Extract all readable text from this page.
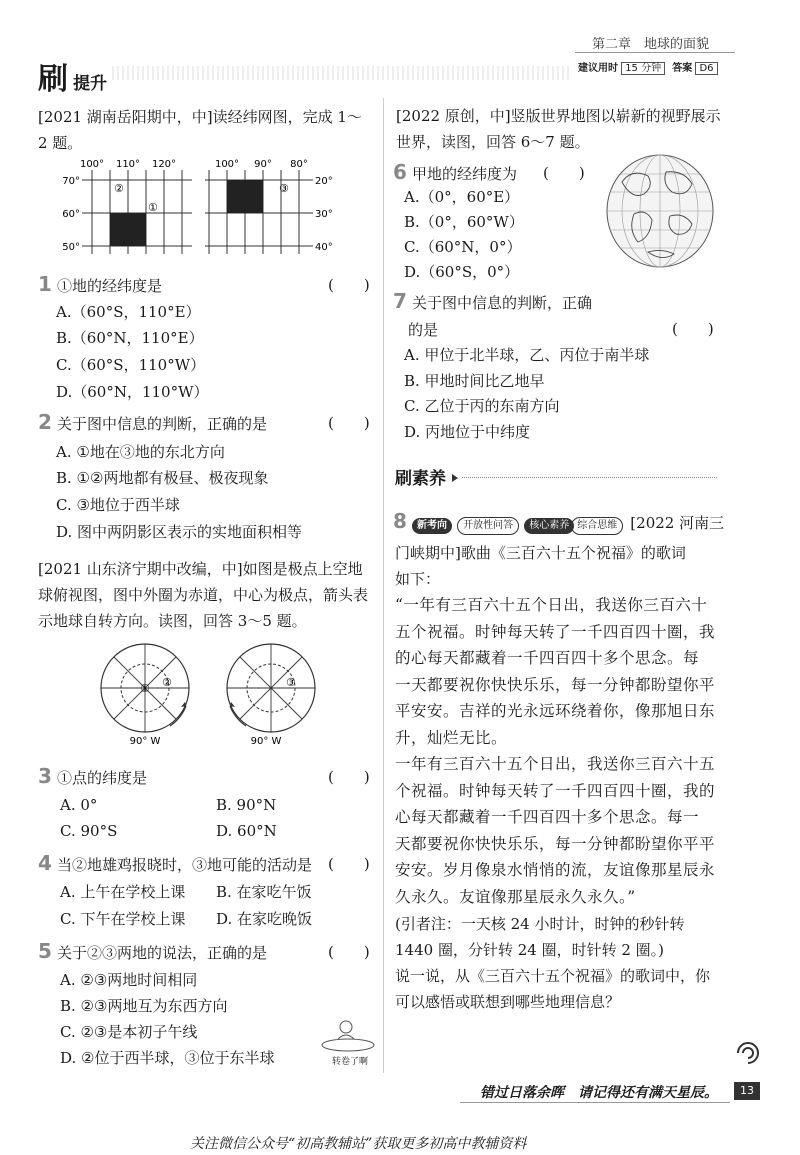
刷 提升
第二章　地球的面貌
建议用时 15 分钟 答案 D6
[2021 湖南岳阳期中，中]读经纬网图，完成 1～
2 题。
100° 110° 120°
70°
60°
50°
②
①
100° 90° 80°
20°
30°
40°
③
1 ①地的经纬度是	(　　)
A.（60°S，110°E）
B.（60°N，110°E）
C.（60°S，110°W）
D.（60°N，110°W）
2 关于图中信息的判断，正确的是	(　　)
A. ①地在③地的东北方向
B. ①②两地都有极昼、极夜现象
C. ③地位于西半球
D. 图中两阴影区表示的实地面积相等
[2021 山东济宁期中改编，中]如图是极点上空地
球俯视图，图中外圈为赤道，中心为极点，箭头表
示地球自转方向。读图，回答 3～5 题。
① ②
90° W
③
90° W
3 ①点的纬度是	(　　)
A. 0°	B. 90°N
C. 90°S	D. 60°N
4 当②地雄鸡报晓时，③地可能的活动是 (　　)
A. 上午在学校上课 B. 在家吃午饭
C. 下午在学校上课 D. 在家吃晚饭
5 关于②③两地的说法，正确的是	(　　)
A. ②③两地时间相同
B. ②③两地互为东西方向
C. ②③是本初子午线
D. ②位于西半球，③位于东半球	转卷了啊
[2022 原创，中]竖版世界地图以崭新的视野展示
世界，读图，回答 6～7 题。
6 甲地的经纬度为 (　　)
A.（0°，60°E）
B.（0°，60°W）
C.（60°N，0°）
D.（60°S，0°）
7 关于图中信息的判断，正确
的是	(　　)
A. 甲位于北半球，乙、丙位于南半球
B. 甲地时间比乙地早
C. 乙位于丙的东南方向
D. 丙地位于中纬度
刷素养
8 新考向 开放性问答 核心素养 综合思维 [2022 河南三
门峡期中]歌曲《三百六十五个祝福》的歌词
如下：
“一年有三百六十五个日出，我送你三百六十
五个祝福。时钟每天转了一千四百四十圈，我
的心每天都藏着一千四百四十多个思念。每
一天都要祝你快快乐乐，每一分钟都盼望你平
平安安。吉祥的光永远环绕着你，像那旭日东
升，灿烂无比。
一年有三百六十五个日出，我送你三百六十五
个祝福。时钟每天转了一千四百四十圈，我的
心每天都藏着一千四百四十多个思念。每一
天都要祝你快快乐乐，每一分钟都盼望你平平
安安。岁月像泉水悄悄的流，友谊像那星辰永
久永久。友谊像那星辰永久永久。”
(引者注：一天核 24 小时计，时钟的秒针转
1440 圈，分针转 24 圈，时针转 2 圈。)
说一说，从《三百六十五个祝福》的歌词中，你
可以感悟或联想到哪些地理信息？
错过日落余晖　请记得还有满天星辰。	13
关注微信公众号“初高教辅站”获取更多初高中教辅资料
